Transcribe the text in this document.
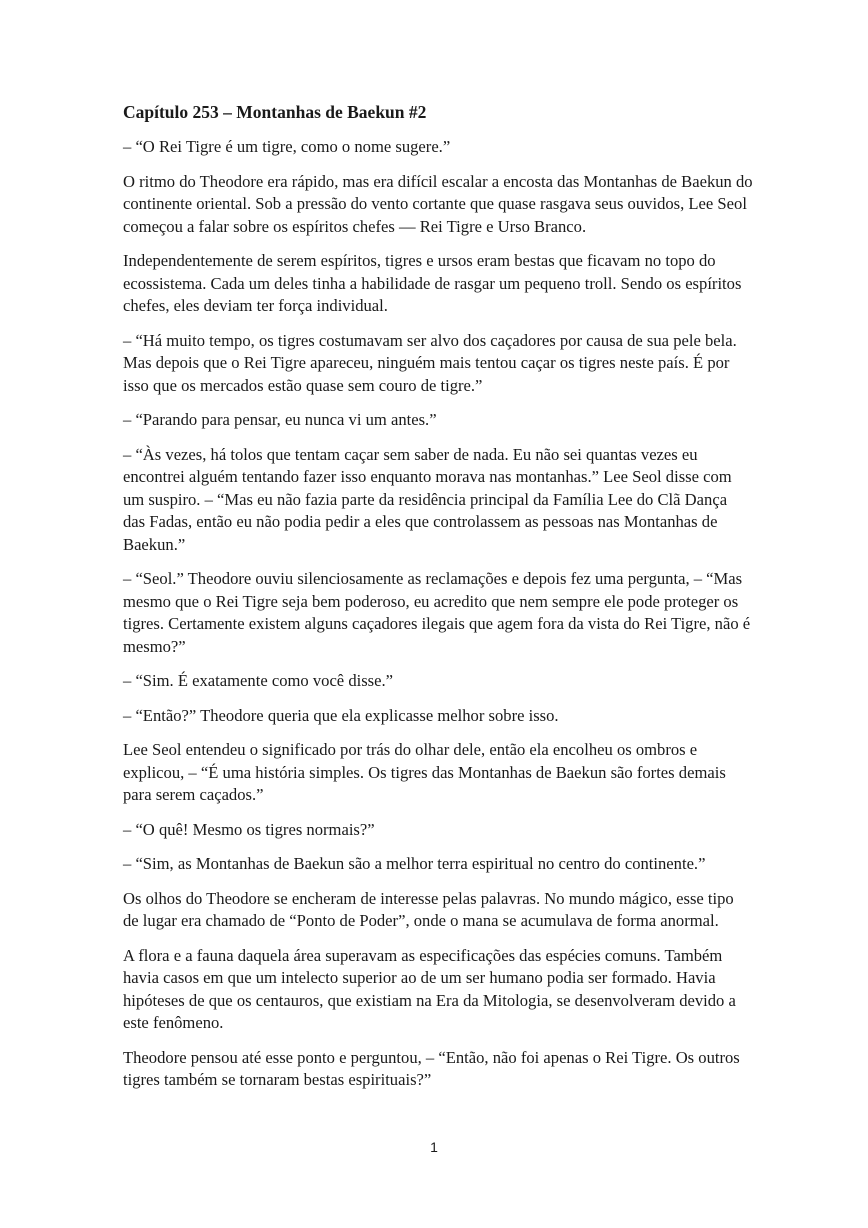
Capítulo 253 – Montanhas de Baekun #2

– “O Rei Tigre é um tigre, como o nome sugere.”

O ritmo do Theodore era rápido, mas era difícil escalar a encosta das Montanhas de Baekun do continente oriental. Sob a pressão do vento cortante que quase rasgava seus ouvidos, Lee Seol começou a falar sobre os espíritos chefes — Rei Tigre e Urso Branco.

Independentemente de serem espíritos, tigres e ursos eram bestas que ficavam no topo do ecossistema. Cada um deles tinha a habilidade de rasgar um pequeno troll. Sendo os espíritos chefes, eles deviam ter força individual.

– “Há muito tempo, os tigres costumavam ser alvo dos caçadores por causa de sua pele bela. Mas depois que o Rei Tigre apareceu, ninguém mais tentou caçar os tigres neste país. É por isso que os mercados estão quase sem couro de tigre.”

– “Parando para pensar, eu nunca vi um antes.”

– “Às vezes, há tolos que tentam caçar sem saber de nada. Eu não sei quantas vezes eu encontrei alguém tentando fazer isso enquanto morava nas montanhas.” Lee Seol disse com um suspiro. – “Mas eu não fazia parte da residência principal da Família Lee do Clã Dança das Fadas, então eu não podia pedir a eles que controlassem as pessoas nas Montanhas de Baekun.”

– “Seol.” Theodore ouviu silenciosamente as reclamações e depois fez uma pergunta, – “Mas mesmo que o Rei Tigre seja bem poderoso, eu acredito que nem sempre ele pode proteger os tigres. Certamente existem alguns caçadores ilegais que agem fora da vista do Rei Tigre, não é mesmo?”

– “Sim. É exatamente como você disse.”

– “Então?” Theodore queria que ela explicasse melhor sobre isso.

Lee Seol entendeu o significado por trás do olhar dele, então ela encolheu os ombros e explicou, – “É uma história simples. Os tigres das Montanhas de Baekun são fortes demais para serem caçados.”

– “O quê! Mesmo os tigres normais?”

– “Sim, as Montanhas de Baekun são a melhor terra espiritual no centro do continente.”

Os olhos do Theodore se encheram de interesse pelas palavras. No mundo mágico, esse tipo de lugar era chamado de “Ponto de Poder”, onde o mana se acumulava de forma anormal.

A flora e a fauna daquela área superavam as especificações das espécies comuns. Também havia casos em que um intelecto superior ao de um ser humano podia ser formado. Havia hipóteses de que os centauros, que existiam na Era da Mitologia, se desenvolveram devido a este fenômeno.

Theodore pensou até esse ponto e perguntou, – “Então, não foi apenas o Rei Tigre. Os outros tigres também se tornaram bestas espirituais?”

1
